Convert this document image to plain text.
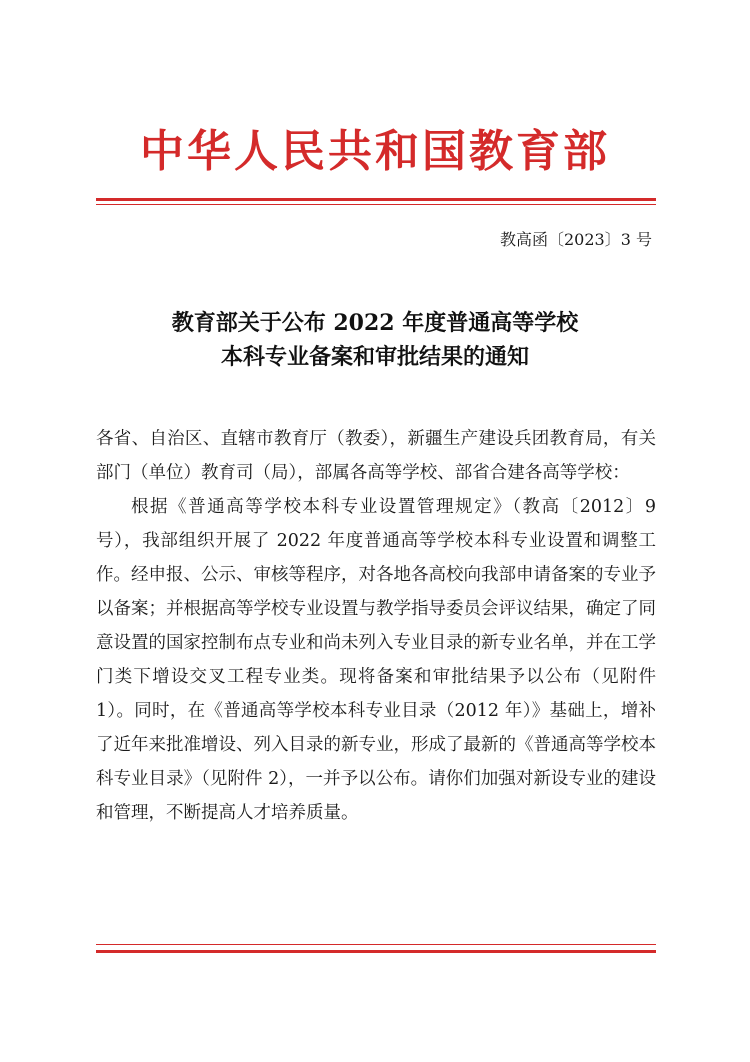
中华人民共和国教育部
教高函〔2023〕3 号
教育部关于公布 2022 年度普通高等学校
本科专业备案和审批结果的通知

各省、自治区、直辖市教育厅（教委），新疆生产建设兵团教育局，有关部门（单位）教育司（局），部属各高等学校、部省合建各高等学校：

根据《普通高等学校本科专业设置管理规定》（教高〔2012〕9 号），我部组织开展了 2022 年度普通高等学校本科专业设置和调整工作。经申报、公示、审核等程序，对各地各高校向我部申请备案的专业予以备案；并根据高等学校专业设置与教学指导委员会评议结果，确定了同意设置的国家控制布点专业和尚未列入专业目录的新专业名单，并在工学门类下增设交叉工程专业类。现将备案和审批结果予以公布（见附件 1）。同时，在《普通高等学校本科专业目录（2012 年）》基础上，增补了近年来批准增设、列入目录的新专业，形成了最新的《普通高等学校本科专业目录》（见附件 2），一并予以公布。请你们加强对新设专业的建设和管理，不断提高人才培养质量。
